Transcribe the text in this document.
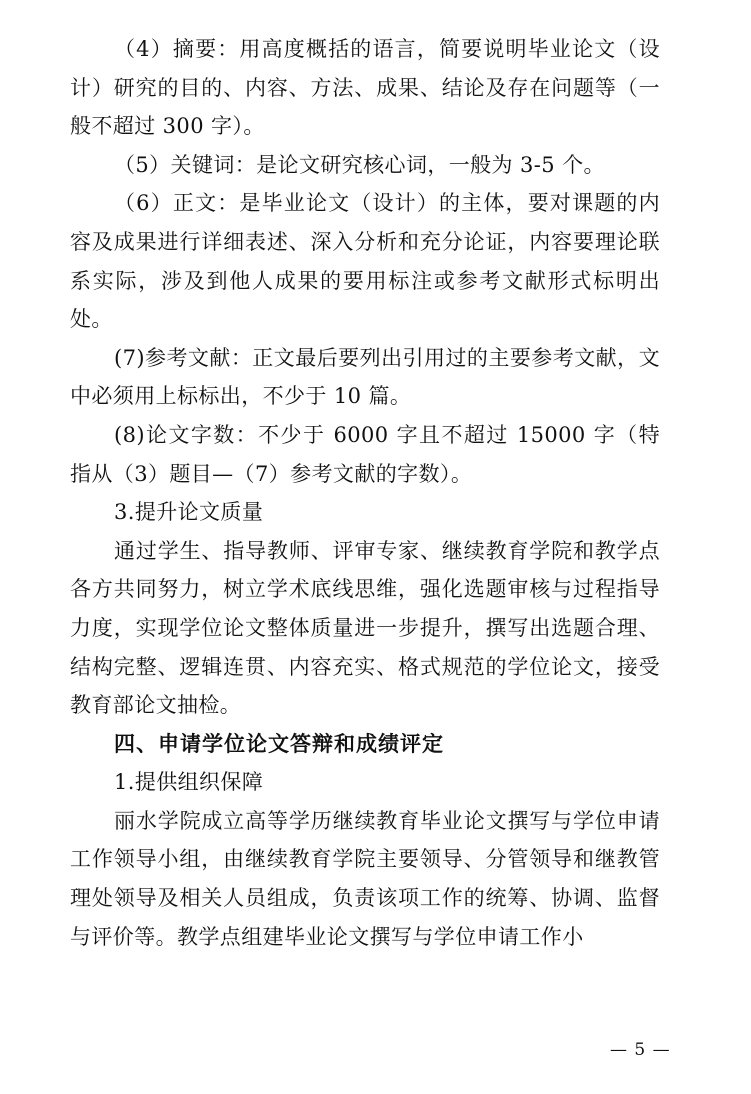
（4）摘要：用高度概括的语言，简要说明毕业论文（设计）研究的目的、内容、方法、成果、结论及存在问题等（一般不超过 300 字）。

（5）关键词：是论文研究核心词，一般为 3-5 个。

（6）正文：是毕业论文（设计）的主体，要对课题的内容及成果进行详细表述、深入分析和充分论证，内容要理论联系实际，涉及到他人成果的要用标注或参考文献形式标明出处。

(7)参考文献：正文最后要列出引用过的主要参考文献，文中必须用上标标出，不少于 10 篇。

(8)论文字数：不少于 6000 字且不超过 15000 字（特指从（3）题目—（7）参考文献的字数）。

3.提升论文质量

通过学生、指导教师、评审专家、继续教育学院和教学点各方共同努力，树立学术底线思维，强化选题审核与过程指导力度，实现学位论文整体质量进一步提升，撰写出选题合理、结构完整、逻辑连贯、内容充实、格式规范的学位论文，接受教育部论文抽检。

四、申请学位论文答辩和成绩评定

1.提供组织保障

丽水学院成立高等学历继续教育毕业论文撰写与学位申请工作领导小组，由继续教育学院主要领导、分管领导和继教管理处领导及相关人员组成，负责该项工作的统筹、协调、监督与评价等。教学点组建毕业论文撰写与学位申请工作小

— 5 —
